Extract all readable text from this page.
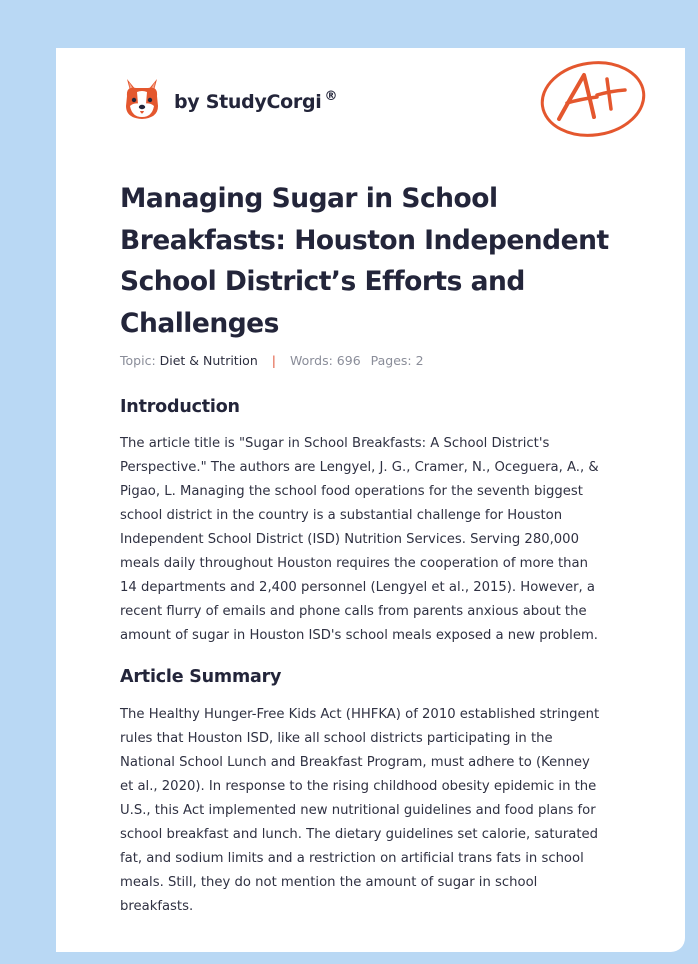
by StudyCorgi ®
Managing Sugar in School Breakfasts: Houston Independent School District’s Efforts and Challenges
Topic: Diet & Nutrition | Words: 696 Pages: 2
Introduction

The article title is "Sugar in School Breakfasts: A School District's
Perspective." The authors are Lengyel, J. G., Cramer, N., Oceguera, A., &
Pigao, L. Managing the school food operations for the seventh biggest
school district in the country is a substantial challenge for Houston
Independent School District (ISD) Nutrition Services. Serving 280,000
meals daily throughout Houston requires the cooperation of more than
14 departments and 2,400 personnel (Lengyel et al., 2015). However, a
recent flurry of emails and phone calls from parents anxious about the
amount of sugar in Houston ISD's school meals exposed a new problem.

Article Summary

The Healthy Hunger-Free Kids Act (HHFKA) of 2010 established stringent
rules that Houston ISD, like all school districts participating in the
National School Lunch and Breakfast Program, must adhere to (Kenney
et al., 2020). In response to the rising childhood obesity epidemic in the
U.S., this Act implemented new nutritional guidelines and food plans for
school breakfast and lunch. The dietary guidelines set calorie, saturated
fat, and sodium limits and a restriction on artificial trans fats in school
meals. Still, they do not mention the amount of sugar in school
breakfasts.
